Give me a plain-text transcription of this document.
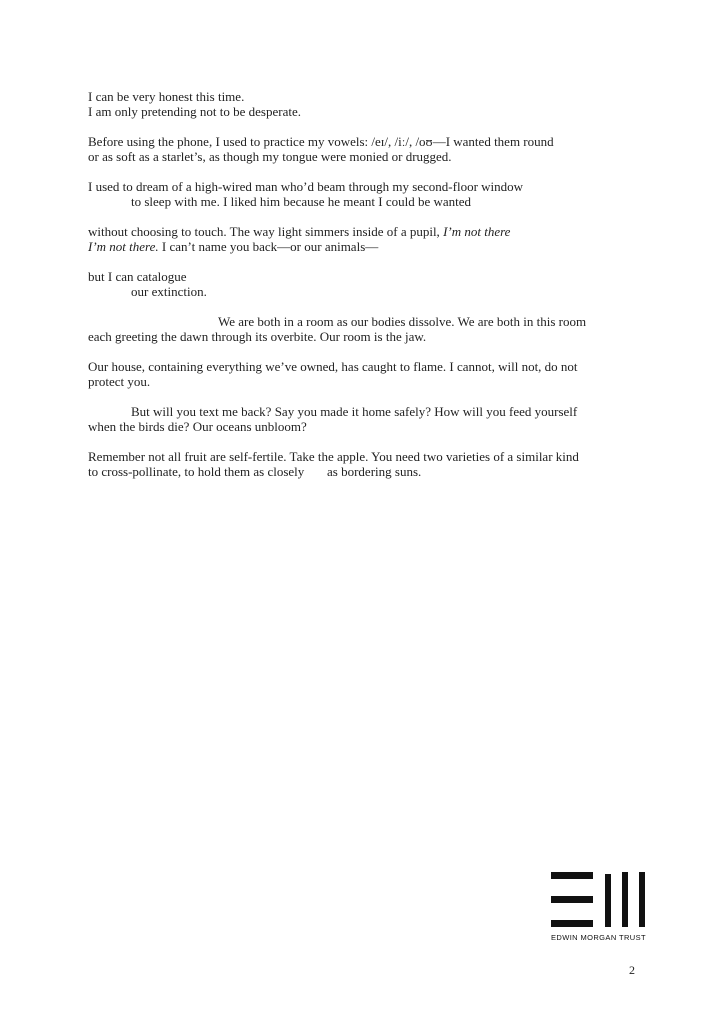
I can be very honest this time.
I am only pretending not to be desperate.
Before using the phone, I used to practice my vowels: /eɪ/, /iː/, /oʊ—I wanted them round
or as soft as a starlet’s, as though my tongue were monied or drugged.
I used to dream of a high-wired man who’d beam through my second-floor window
to sleep with me. I liked him because he meant I could be wanted
without choosing to touch. The way light simmers inside of a pupil, I’m not there
I’m not there. I can’t name you back—or our animals—
but I can catalogue
our extinction.
We are both in a room as our bodies dissolve. We are both in this room
each greeting the dawn through its overbite. Our room is the jaw.
Our house, containing everything we’ve owned, has caught to flame. I cannot, will not, do not
protect you.
But will you text me back? Say you made it home safely? How will you feed yourself
when the birds die? Our oceans unbloom?
Remember not all fruit are self-fertile. Take the apple. You need two varieties of a similar kind
to cross-pollinate, to hold them as closely       as bordering suns.
EDWIN MORGAN TRUST
2
